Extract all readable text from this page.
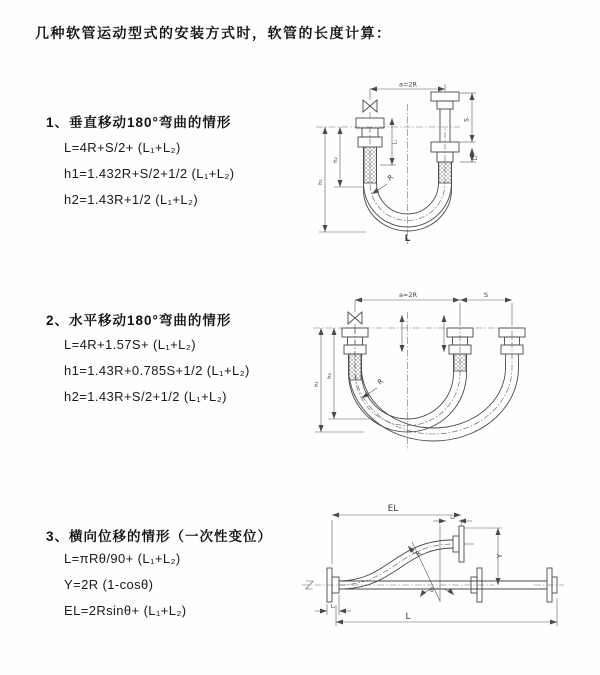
几种软管运动型式的安装方式时，软管的长度计算：
1、垂直移动180°弯曲的情形
L=4R+S/2+ (L₁+L₂)
h1=1.432R+S/2+1/2 (L₁+L₂)
h2=1.43R+1/2 (L₁+L₂)
2、水平移动180°弯曲的情形
L=4R+1.57S+ (L₁+L₂)
h1=1.43R+0.785S+1/2 (L₁+L₂)
h2=1.43R+S/2+1/2 (L₁+L₂)
3、横向位移的情形（一次性变位）
L=πRθ/90+ (L₁+L₂)
Y=2R (1-cosθ)
EL=2Rsinθ+ (L₁+L₂)
a=2R
S
L₂
L₁
h₂
h₁	R
L
a=2R	S
h₂
h₁	R
EL
L₂
Y
R
θ
L₁
L
